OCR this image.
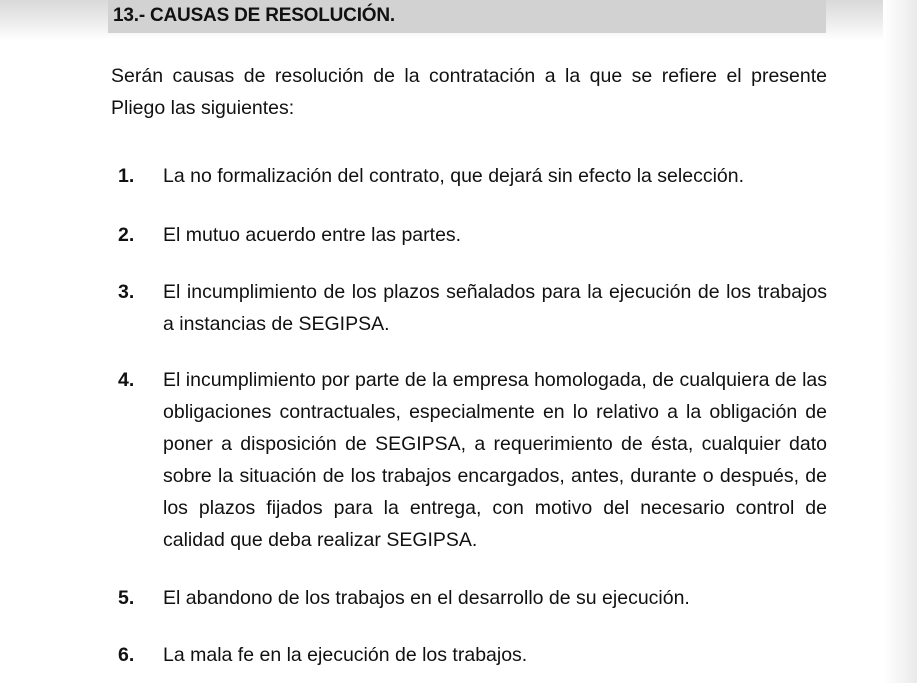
13.- CAUSAS DE RESOLUCIÓN.

Serán causas de resolución de la contratación a la que se refiere el presente Pliego las siguientes:

1. La no formalización del contrato, que dejará sin efecto la selección.

2. El mutuo acuerdo entre las partes.

3. El incumplimiento de los plazos señalados para la ejecución de los trabajos a instancias de SEGIPSA.

4. El incumplimiento por parte de la empresa homologada, de cualquiera de las obligaciones contractuales, especialmente en lo relativo a la obligación de poner a disposición de SEGIPSA, a requerimiento de ésta, cualquier dato sobre la situación de los trabajos encargados, antes, durante o después, de los plazos fijados para la entrega, con motivo del necesario control de calidad que deba realizar SEGIPSA.

5. El abandono de los trabajos en el desarrollo de su ejecución.

6. La mala fe en la ejecución de los trabajos.
